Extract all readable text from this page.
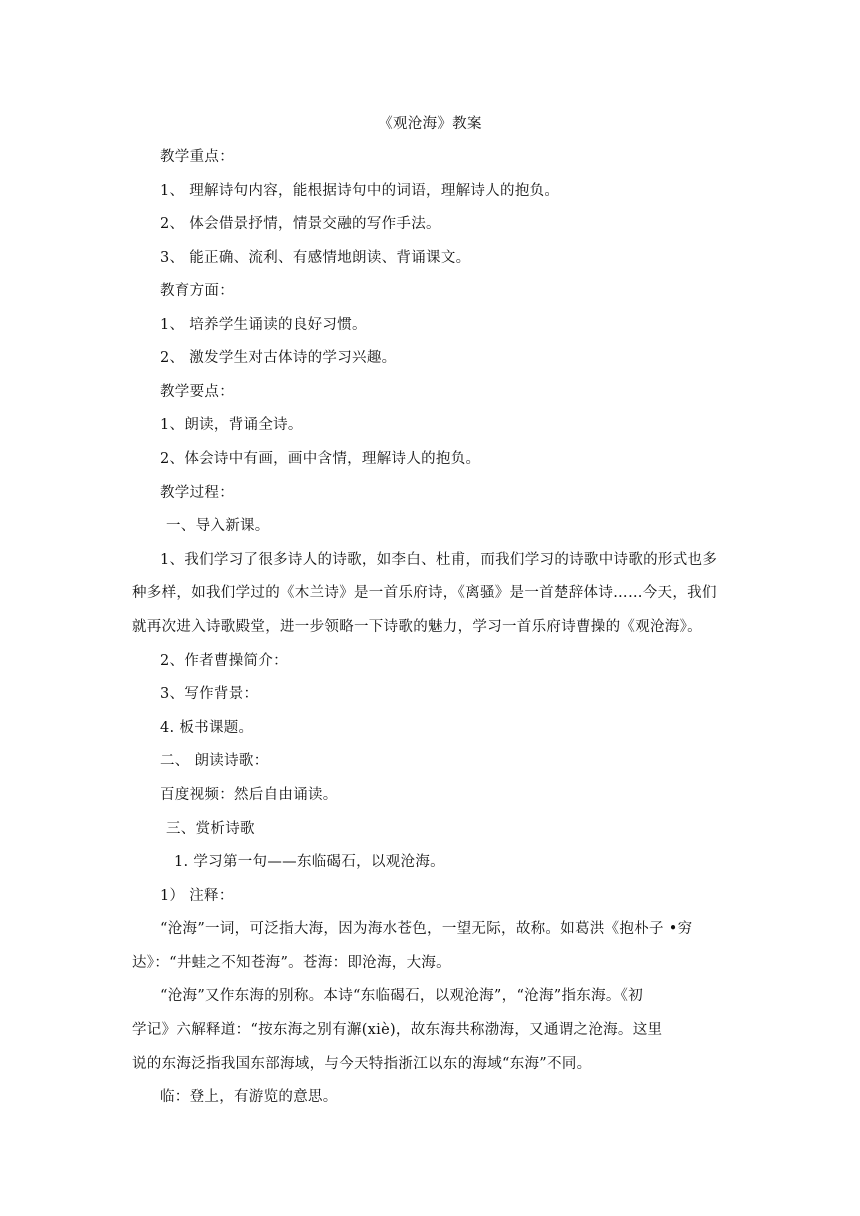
《观沧海》教案
教学重点：
1、 理解诗句内容，能根据诗句中的词语，理解诗人的抱负。
2、 体会借景抒情，情景交融的写作手法。
3、 能正确、流利、有感情地朗读、背诵课文。
教育方面：
1、 培养学生诵读的良好习惯。
2、 激发学生对古体诗的学习兴趣。
教学要点：
1、朗读，背诵全诗。
2、体会诗中有画，画中含情，理解诗人的抱负。
教学过程：
一、导入新课。
1、我们学习了很多诗人的诗歌，如李白、杜甫，而我们学习的诗歌中诗歌的形式也多
种多样，如我们学过的《木兰诗》是一首乐府诗，《离骚》是一首楚辞体诗……今天，我们
就再次进入诗歌殿堂，进一步领略一下诗歌的魅力，学习一首乐府诗曹操的《观沧海》。
2、作者曹操简介：
3、写作背景：
4. 板书课题。
二、 朗读诗歌：
百度视频：然后自由诵读。
三、赏析诗歌
1. 学习第一句——东临碣石，以观沧海。
1） 注释：
“沧海”一词，可泛指大海，因为海水苍色，一望无际，故称。如葛洪《抱朴子 •穷
达》：“井蛙之不知苍海”。苍海：即沧海，大海。
“沧海”又作东海的别称。本诗“东临碣石，以观沧海”，“沧海”指东海。《初
学记》六解释道：“按东海之别有澥(xiè)，故东海共称渤海，又通谓之沧海。这里
说的东海泛指我国东部海域，与今天特指浙江以东的海域“东海”不同。
临：登上，有游览的意思。
